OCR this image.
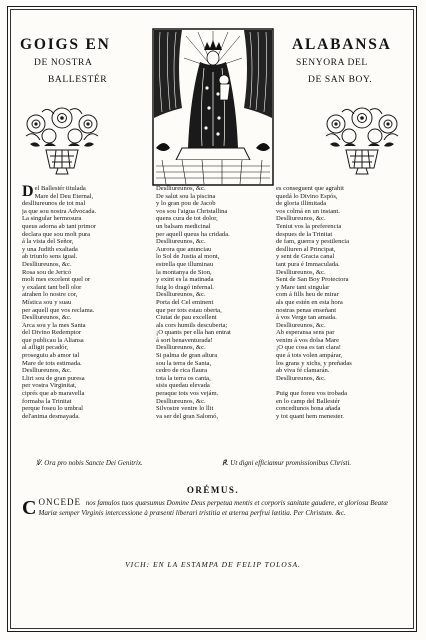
GOIGS EN	ALABANSA
DE NOSTRA
BALLESTÉR
SENYORA DEL
DE SAN BOY.
D el Ballestér titulada
Mare del Deu Eternal,
deslliureunos de tot mal
ja que sou nostra Advocada.
La singular hermosura
queus adorna ab tant primor
declara que sou molt pura
á la vista del Señor,
y una Judith exaltada
ab triunfo sens igual.
Deslliureunos, &c.
Rosa sou de Jericó
molt mes excelent quel or
y exalant tant bell olor
atrahen lo nostre cor,
Mística sou y suau
per aquell que vos reclama.
Deslliureunos, &c.
Arca sou y la mes Santa
del Divino Redemptor
que publicau la Aliansa
al afligit pecadór,
proseguiu ab amor tal
Mare de tots estimada.
Deslliureunos, &c.
Lliri sou de gran puresa
per vostra Virginitat,
ciprés que ab maravella
formaba la Trinitat
perque foseu lo umbral
del'anima desmayada.
Deslliureunos, &c.
De salut sou la piscina
y lo gran pou de Jacob
vos sou l'aigua Christallina
quens cura de tot dolor,
un balsam medicinal
per aquell queus ha cridada.
Deslliureunos, &c.
Aurora que anunciau
lo Sol de Justia al mont,
estrella que illuminau
la montanya de Sion,
y exint es la matinada
fuig lo dragó infernal.
Deslliureunos, &c.
Porta del Cel eminent
que per tots estau oberta,
Ciutat de pau excellent
als cors humils descuberta;
¡O quants per ella han entrat
á sort benaventurada!
Deslliureunos, &c.
Si palma de gran altura
sou la terra de Santa,
cedro de rica flaura
tota la terra os canta,
sisis quedau elevada
peraque tots vos vejám.
Deslliureunos, &c.
Silvostre ventre lo llit
va ser del gran Salomó,
es conseguent que agrahit
quedá lo Divino Espós,
de gloria illimitada
vos colmá en un instant.
Deslliureunos, &c.
Teniut vos la preferencia
despues de la Trinitat
de fam, guerra y pestilencia
deslliuren al Principat,
y sent de Gracia canal
tant pura é Immaculada.
Deslliureunos, &c.
Sent de San Boy Protectora
y Mare tant singular
com á fills heu de mirar
als que estén en esta hora
nostras penas enseñant
á vos Verge tan amada.
Deslliureunos, &c.
Ab esperansa sens par
venim á vos dolsa Mare
¡O que cosa es tan clara!
que á tots volen ampárar,
los grans y xichs, y preñadas
ab viva fé clamarán.
Deslliureunos, &c.
Puig que foreu vos trobada
en lo camp del Ballestér
concediunos bona añada
y tot quant hem menester.
℣. Ora pro nobis Sancte Dei Genitrix.	℟. Ut digni efficiamur promissionibus Christi.
ORÉMUS.
C ONCEDE nos famulos tuos quæsumus Domine Deus perpetua mentis et corporis sanitate gaudere, et gloriosa Beatæ Mariæ semper Virginis intercessione à præsenti liberari tristitia et æterna perfrui lætitia. Per Christum. &c.
VICH: EN LA ESTAMPA DE FELIP TOLOSA.
